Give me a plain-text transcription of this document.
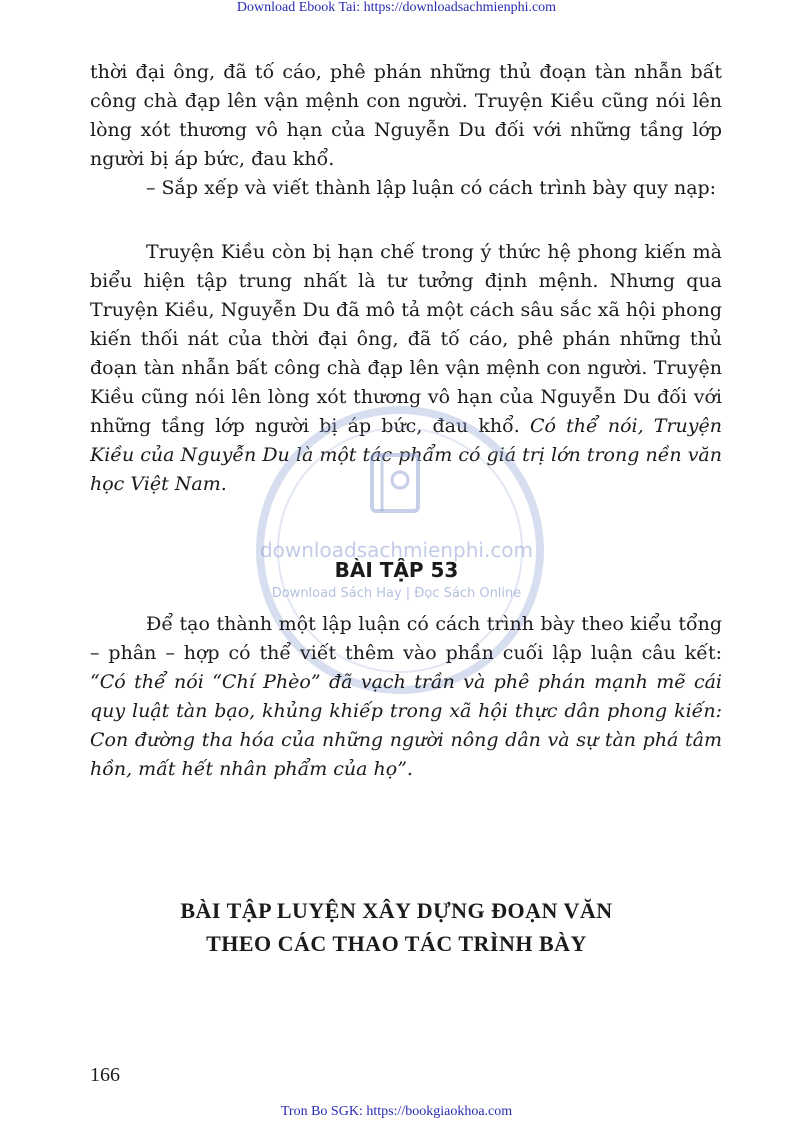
Download Ebook Tai: https://downloadsachmienphi.com

thời đại ông, đã tố cáo, phê phán những thủ đoạn tàn nhẫn bất công chà đạp lên vận mệnh con người. Truyện Kiều cũng nói lên lòng xót thương vô hạn của Nguyễn Du đối với những tầng lớp người bị áp bức, đau khổ.

– Sắp xếp và viết thành lập luận có cách trình bày quy nạp:

Truyện Kiều còn bị hạn chế trong ý thức hệ phong kiến mà biểu hiện tập trung nhất là tư tưởng định mệnh. Nhưng qua Truyện Kiều, Nguyễn Du đã mô tả một cách sâu sắc xã hội phong kiến thối nát của thời đại ông, đã tố cáo, phê phán những thủ đoạn tàn nhẫn bất công chà đạp lên vận mệnh con người. Truyện Kiều cũng nói lên lòng xót thương vô hạn của Nguyễn Du đối với những tầng lớp người bị áp bức, đau khổ. Có thể nói, Truyện Kiều của Nguyễn Du là một tác phẩm có giá trị lớn trong nền văn học Việt Nam.

downloadsachmienphi.com
BÀI TẬP 53
Download Sách Hay | Đọc Sách Online

Để tạo thành một lập luận có cách trình bày theo kiểu tổng – phân – hợp có thể viết thêm vào phần cuối lập luận câu kết: “Có thể nói “Chí Phèo” đã vạch trần và phê phán mạnh mẽ cái quy luật tàn bạo, khủng khiếp trong xã hội thực dân phong kiến: Con đường tha hóa của những người nông dân và sự tàn phá tâm hồn, mất hết nhân phẩm của họ”.

BÀI TẬP LUYỆN XÂY DỰNG ĐOẠN VĂN
THEO CÁC THAO TÁC TRÌNH BÀY
166
Tron Bo SGK: https://bookgiaokhoa.com
